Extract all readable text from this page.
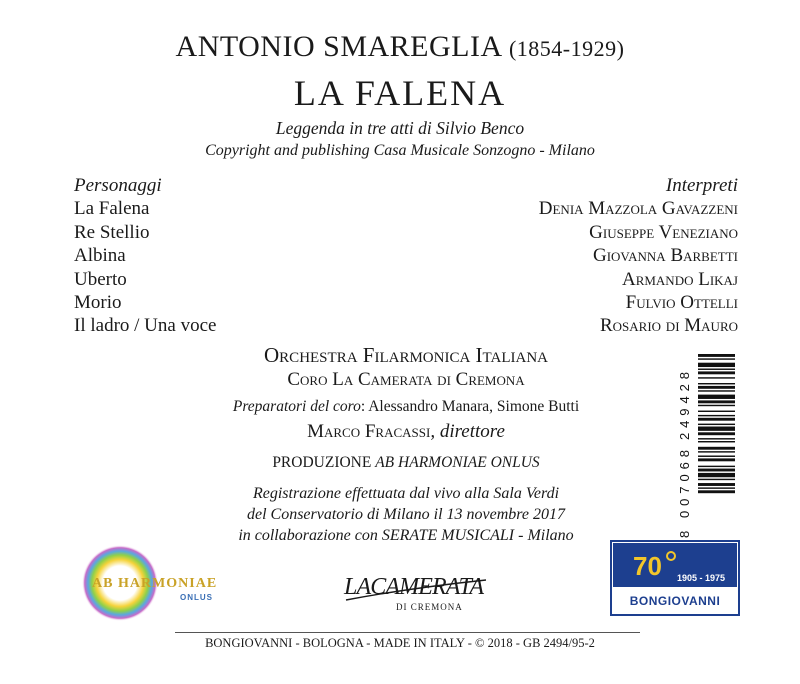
ANTONIO SMAREGLIA (1854-1929)
LA FALENA
Leggenda in tre atti di Silvio Benco
Copyright and publishing Casa Musicale Sonzogno - Milano
Personaggi
La Falena
Re Stellio
Albina
Uberto
Morio
Il ladro / Una voce
Interpreti
Denia Mazzola Gavazzeni
Giuseppe Veneziano
Giovanna Barbetti
Armando Likaj
Fulvio Ottelli
Rosario di Mauro
Orchestra Filarmonica Italiana
Coro La Camerata di Cremona
Preparatori del coro: Alessandro Manara, Simone Butti
Marco Fracassi, direttore
PRODUZIONE AB HARMONIAE ONLUS
Registrazione effettuata dal vivo alla Sala Verdi
del Conservatorio di Milano il 13 novembre 2017
in collaborazione con SERATE MUSICALI - Milano	8
007068
249428
AB HARMONIAE
ONLUS	LACAMERATA
DI CREMONA
70 1905 - 1975
BONGIOVANNI
BONGIOVANNI - BOLOGNA - MADE IN ITALY - © 2018 - GB 2494/95-2
